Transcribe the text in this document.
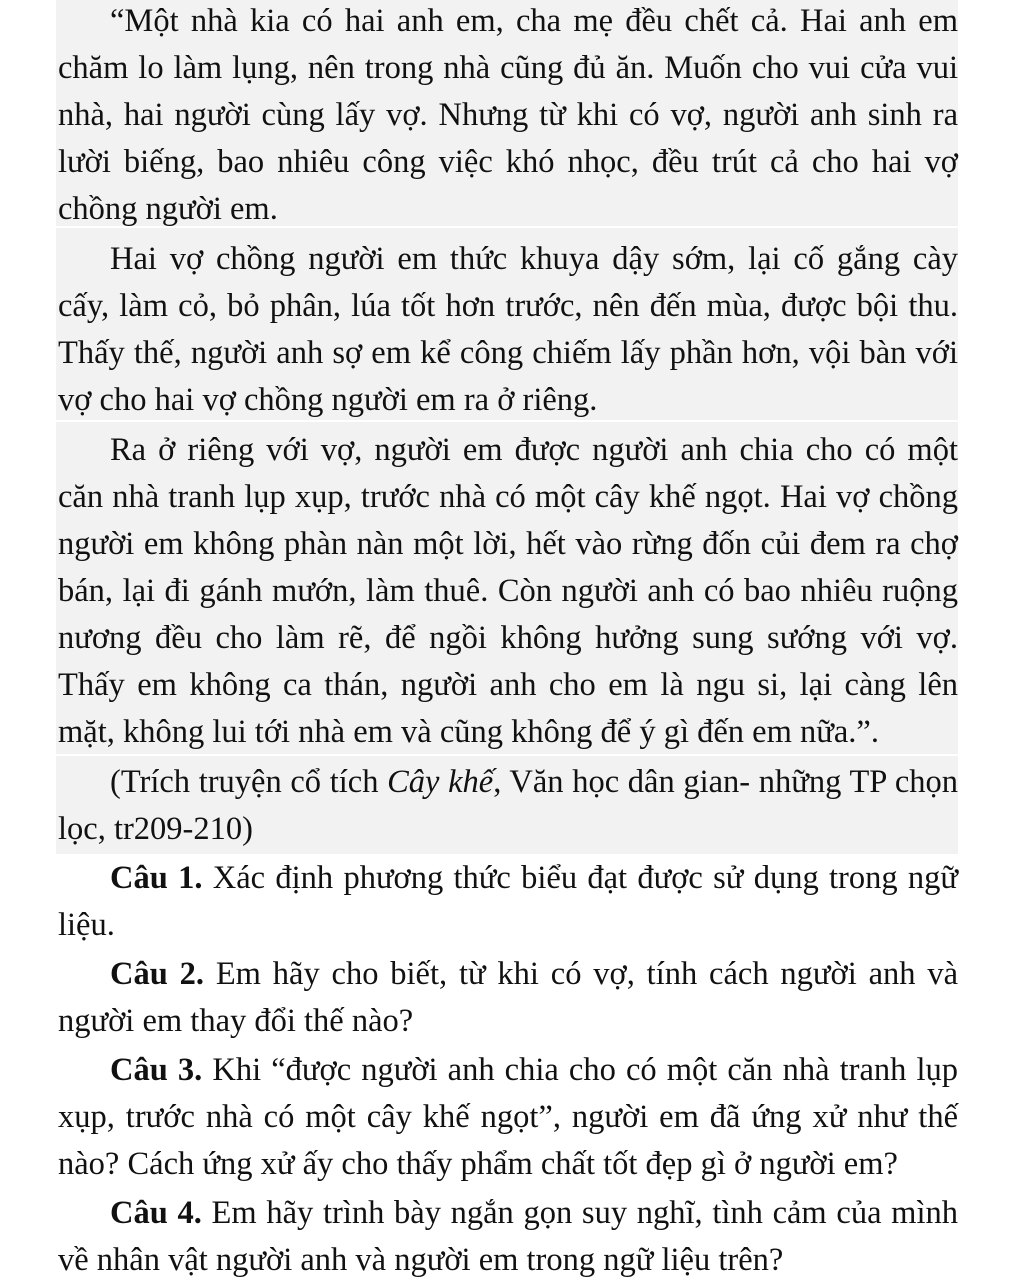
“Một nhà kia có hai anh em, cha mẹ đều chết cả. Hai anh em chăm lo làm lụng, nên trong nhà cũng đủ ăn. Muốn cho vui cửa vui nhà, hai người cùng lấy vợ. Nhưng từ khi có vợ, người anh sinh ra lười biếng, bao nhiêu công việc khó nhọc, đều trút cả cho hai vợ chồng người em.

Hai vợ chồng người em thức khuya dậy sớm, lại cố gắng cày cấy, làm cỏ, bỏ phân, lúa tốt hơn trước, nên đến mùa, được bội thu. Thấy thế, người anh sợ em kể công chiếm lấy phần hơn, vội bàn với vợ cho hai vợ chồng người em ra ở riêng.

Ra ở riêng với vợ, người em được người anh chia cho có một căn nhà tranh lụp xụp, trước nhà có một cây khế ngọt. Hai vợ chồng người em không phàn nàn một lời, hết vào rừng đốn củi đem ra chợ bán, lại đi gánh mướn, làm thuê. Còn người anh có bao nhiêu ruộng nương đều cho làm rẽ, để ngồi không hưởng sung sướng với vợ. Thấy em không ca thán, người anh cho em là ngu si, lại càng lên mặt, không lui tới nhà em và cũng không để ý gì đến em nữa.”.

(Trích truyện cổ tích Cây khế, Văn học dân gian- những TP chọn lọc, tr209-210)

Câu 1. Xác định phương thức biểu đạt được sử dụng trong ngữ liệu.

Câu 2. Em hãy cho biết, từ khi có vợ, tính cách người anh và người em thay đổi thế nào?

Câu 3. Khi “được người anh chia cho có một căn nhà tranh lụp xụp, trước nhà có một cây khế ngọt”, người em đã ứng xử như thế nào? Cách ứng xử ấy cho thấy phẩm chất tốt đẹp gì ở người em?

Câu 4. Em hãy trình bày ngắn gọn suy nghĩ, tình cảm của mình về nhân vật người anh và người em trong ngữ liệu trên?
